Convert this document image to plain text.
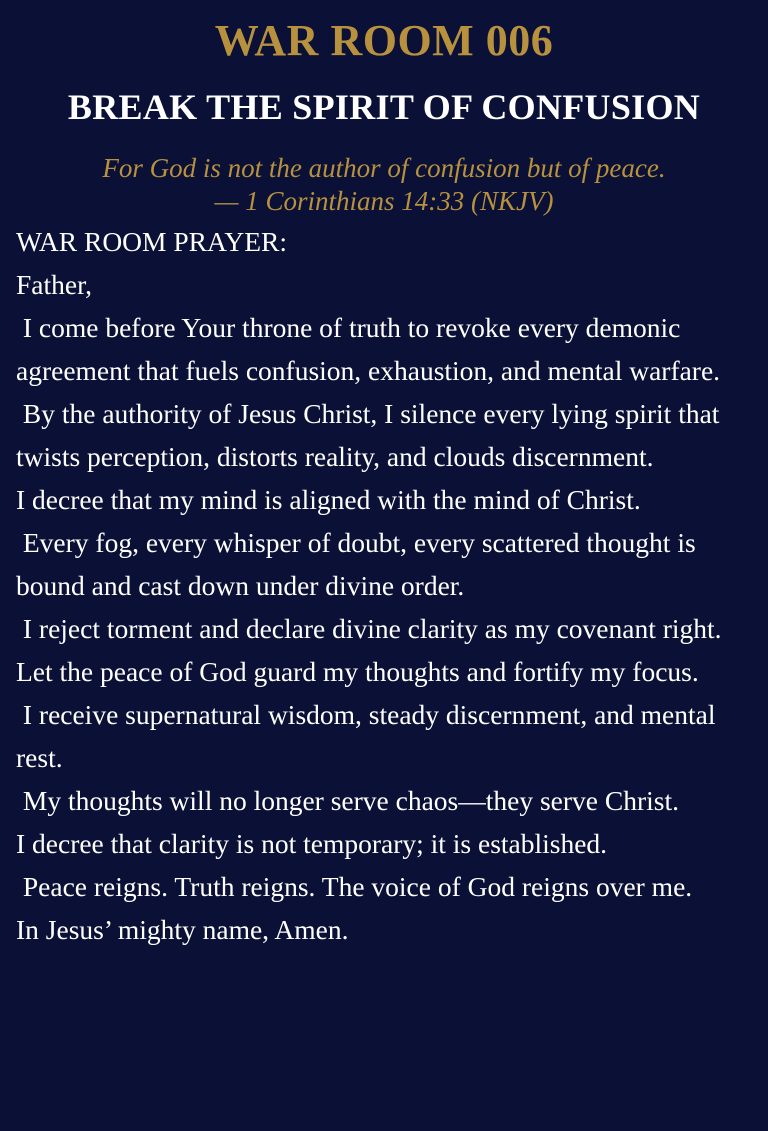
WAR ROOM 006
BREAK THE SPIRIT OF CONFUSION
For God is not the author of confusion but of peace.
— 1 Corinthians 14:33 (NKJV)

WAR ROOM PRAYER:

Father,

I come before Your throne of truth to revoke every demonic agreement that fuels confusion, exhaustion, and mental warfare.

By the authority of Jesus Christ, I silence every lying spirit that twists perception, distorts reality, and clouds discernment.

I decree that my mind is aligned with the mind of Christ.

Every fog, every whisper of doubt, every scattered thought is bound and cast down under divine order.

I reject torment and declare divine clarity as my covenant right.

Let the peace of God guard my thoughts and fortify my focus.

I receive supernatural wisdom, steady discernment, and mental rest.

My thoughts will no longer serve chaos—they serve Christ.

I decree that clarity is not temporary; it is established.

Peace reigns. Truth reigns. The voice of God reigns over me.

In Jesus’ mighty name, Amen.
